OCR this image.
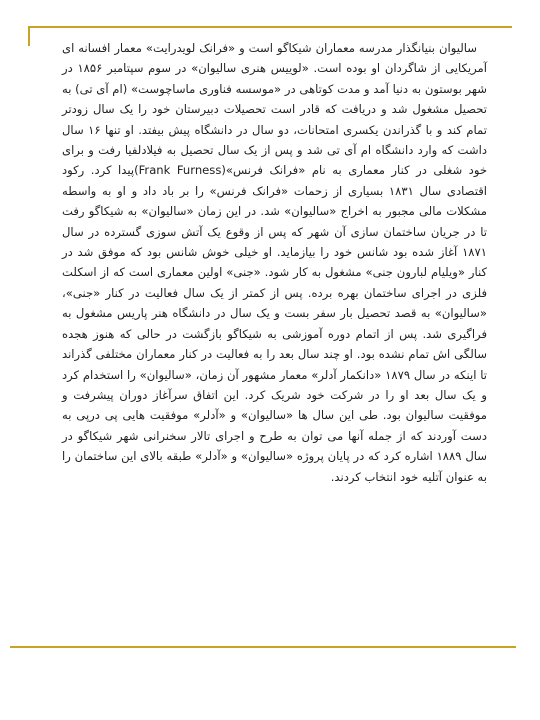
سالیوان بنیانگذار مدرسه معماران شیکاگو است و «فرانک لویدرایت» معمار افسانه ای آمریکایی از شاگردان او بوده است. «لوییس هنری سالیوان» در سوم سپتامبر ۱۸۵۶ در شهر بوستون به دنیا آمد و مدت کوتاهی در «موسسه فناوری ماساچوست» (ام آی تی) به تحصیل مشغول شد و دریافت که قادر است تحصیلات دبیرستان خود را یک سال زودتر تمام کند و با گذراندن یکسری امتحانات، دو سال در دانشگاه پیش بیفتد. او تنها ۱۶ سال داشت که وارد دانشگاه ام آی تی شد و پس از یک سال تحصیل به فیلادلفیا رفت و برای خود شغلی در کنار معماری به نام «فرانک فرنس»(Frank Furness)پیدا کرد. رکود اقتصادی سال ۱۸۳۱ بسیاری از زحمات «فرانک فرنس» را بر باد داد و او به واسطه مشکلات مالی مجبور به اخراج «سالیوان» شد. در این زمان «سالیوان» به شیکاگو رفت تا در جریان ساختمان سازی آن شهر که پس از وقوع یک آتش سوزی گسترده در سال ۱۸۷۱ آغاز شده بود شانس خود را بیازماید. او خیلی خوش شانس بود که موفق شد در کنار «ویلیام لبارون جنی» مشغول به کار شود. «جنی» اولین معماری است که از اسکلت فلزی در اجرای ساختمان بهره برده. پس از کمتر از یک سال فعالیت در کنار «جنی»، «سالیوان» به قصد تحصیل بار سفر بست و یک سال در دانشگاه هنر پاریس مشغول به فراگیری شد. پس از اتمام دوره آموزشی به شیکاگو بازگشت در حالی که هنوز هجده سالگی اش تمام نشده بود. او چند سال بعد را به فعالیت در کنار معماران مختلفی گذراند تا اینکه در سال ۱۸۷۹ «دانکمار آدلر» معمار مشهور آن زمان، «سالیوان» را استخدام کرد و یک سال بعد او را در شرکت خود شریک کرد. این اتفاق سرآغاز دوران پیشرفت و موفقیت سالیوان بود. طی این سال ها «سالیوان» و «آدلر» موفقیت هایی پی درپی به دست آوردند که از جمله آنها می توان به طرح و اجرای تالار سخنرانی شهر شیکاگو در سال ۱۸۸۹ اشاره کرد که در پایان پروژه «سالیوان» و «آدلر» طبقه بالای این ساختمان را به عنوان آتلیه خود انتخاب کردند.
